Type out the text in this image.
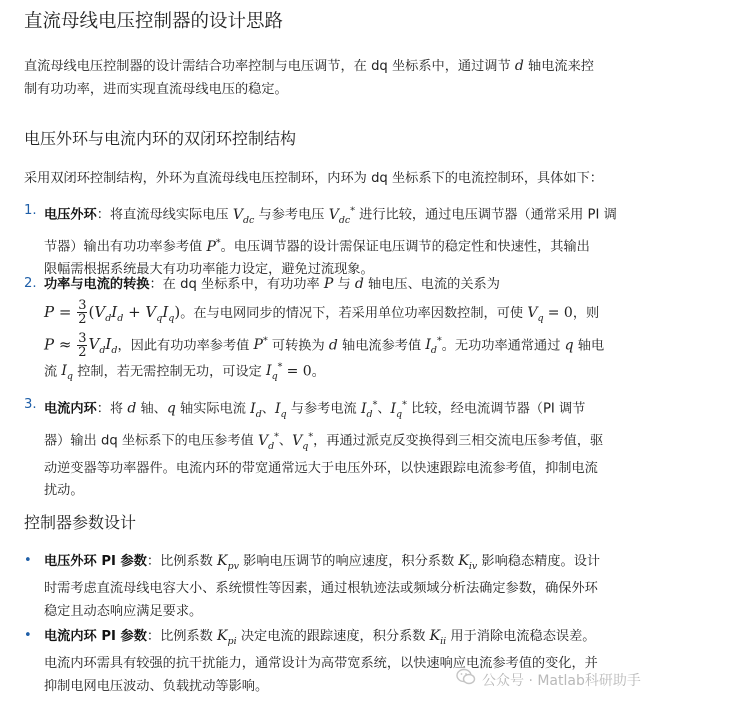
直流母线电压控制器的设计思路
直流母线电压控制器的设计需结合功率控制与电压调节，在 dq 坐标系中，通过调节 d 轴电流来控
制有功功率，进而实现直流母线电压的稳定。
电压外环与电流内环的双闭环控制结构
采用双闭环控制结构，外环为直流母线电压控制环，内环为 dq 坐标系下的电流控制环，具体如下：
1. 电压外环：将直流母线实际电压 $V_{dc}$ 与参考电压 $V_{dc}^*$ 进行比较，通过电压调节器（通常采用 PI 调
节器）输出有功功率参考值 P*。电压调节器的设计需保证电压调节的稳定性和快速性，其输出
限幅需根据系统最大有功功率能力设定，避免过流现象。
2. 功率与电流的转换：在 dq 坐标系中，有功功率 P 与 d 轴电压、电流的关系为
$P = \frac{3}{2} (V_dI_d + V_qI_q)$。在与电网同步的情况下，若采用单位功率因数控制，可使 $V_q = 0$，则
$P \approx \frac{3}{2} V_dI_d$，因此有功功率参考值 P* 可转换为 d 轴电流参考值 $I_d^*$。无功功率通常通过 q 轴电
流 $I_q$ 控制，若无需控制无功，可设定 $I_q^* = 0$。
3. 电流内环：将 d 轴、q 轴实际电流 $I_d$、$I_q$ 与参考电流 $I_d^*$、$I_q^*$ 比较，经电流调节器（PI 调节
器）输出 dq 坐标系下的电压参考值 $V_d^*$、$V_q^*$，再通过派克反变换得到三相交流电压参考值，驱
动逆变器等功率器件。电流内环的带宽通常远大于电压外环，以快速跟踪电流参考值，抑制电流
扰动。
控制器参数设计
• 电压外环 PI 参数：比例系数 $K_{pv}$ 影响电压调节的响应速度，积分系数 $K_{iv}$ 影响稳态精度。设计
时需考虑直流母线电容大小、系统惯性等因素，通过根轨迹法或频域分析法确定参数，确保外环
稳定且动态响应满足要求。
• 电流内环 PI 参数：比例系数 $K_{pi}$ 决定电流的跟踪速度，积分系数 $K_{ii}$ 用于消除电流稳态误差。
电流内环需具有较强的抗干扰能力，通常设计为高带宽系统，以快速响应电流参考值的变化，并
抑制电网电压波动、负载扰动等影响。	公众号 · Matlab科研助手
